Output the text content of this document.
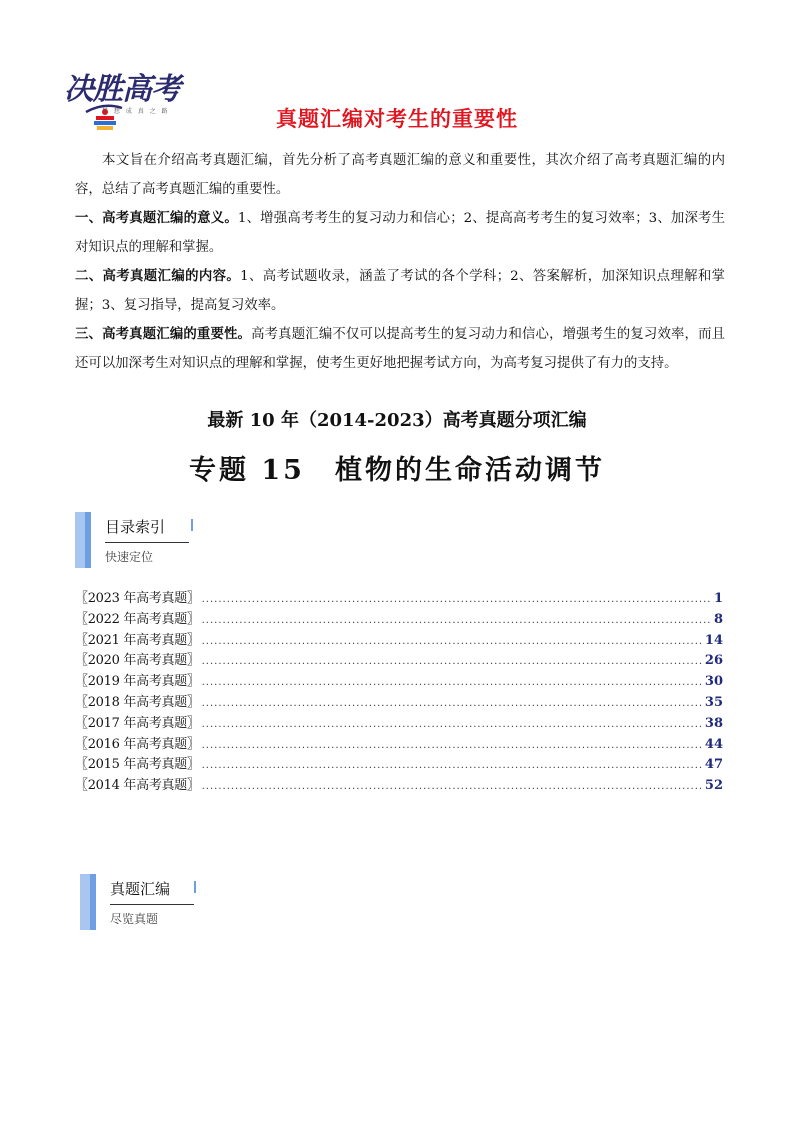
决胜高考
梦 想 成 真 之 路	真题汇编对考生的重要性

本文旨在介绍高考真题汇编，首先分析了高考真题汇编的意义和重要性，其次介绍了高考真题汇编的内容，总结了高考真题汇编的重要性。

一、高考真题汇编的意义。1、增强高考考生的复习动力和信心；2、提高高考考生的复习效率；3、加深考生对知识点的理解和掌握。

二、高考真题汇编的内容。1、高考试题收录，涵盖了考试的各个学科；2、答案解析，加深知识点理解和掌握；3、复习指导，提高复习效率。

三、高考真题汇编的重要性。高考真题汇编不仅可以提高考生的复习动力和信心，增强考生的复习效率，而且还可以加深考生对知识点的理解和掌握，使考生更好地把握考试方向，为高考复习提供了有力的支持。

最新 10 年（2014-2023）高考真题分项汇编
专题 15 植物的生命活动调节
目录索引
快速定位
〖2023 年高考真题〗 .....	1
〖2022 年高考真题〗 .....	8
〖2021 年高考真题〗 .....	14
〖2020 年高考真题〗 .....	26
〖2019 年高考真题〗 .....	30
〖2018 年高考真题〗 .....	35
〖2017 年高考真题〗 .....	38
〖2016 年高考真题〗 .....	44
〖2015 年高考真题〗 .....	47
〖2014 年高考真题〗 .....	52
真题汇编
尽览真题
